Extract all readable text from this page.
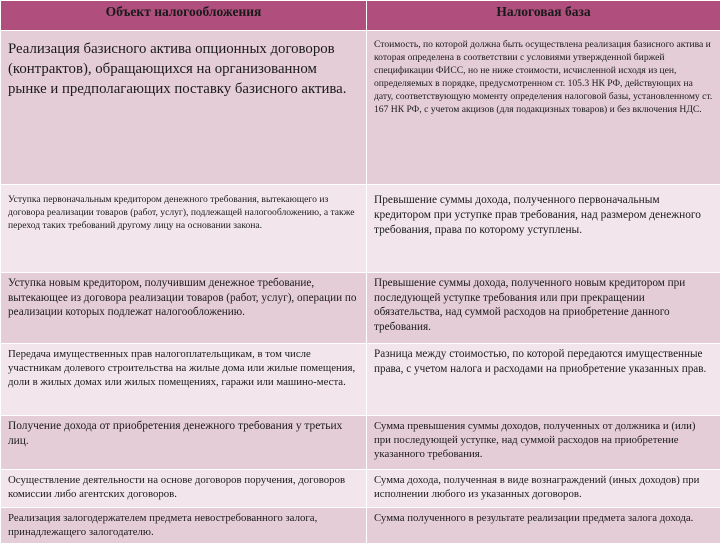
Объект налогообложения	Налоговая база
Реализация базисного актива опционных договоров (контрактов), обращающихся на организованном рынке и предполагающих поставку базисного актива.	Стоимость, по которой должна быть осуществлена реализация базисного актива и которая определена в соответствии с условиями утвержденной биржей спецификации ФИСС, но не ниже стоимости, исчисленной исходя из цен, определяемых в порядке, предусмотренном ст. 105.3 НК РФ, действующих на дату, соответствующую моменту определения налоговой базы, установленному ст. 167 НК РФ, с учетом акцизов (для подакцизных товаров) и без включения НДС.
Уступка первоначальным кредитором денежного требования, вытекающего из договора реализации товаров (работ, услуг), подлежащей налогообложению, а также переход таких требований другому лицу на основании закона.	Превышение суммы дохода, полученного первоначальным кредитором при уступке прав требования, над размером денежного требования, права по которому уступлены.
Уступка новым кредитором, получившим денежное требование, вытекающее из договора реализации товаров (работ, услуг), операции по реализации которых подлежат налогообложению.	Превышение суммы дохода, полученного новым кредитором при последующей уступке требования или при прекращении обязательства, над суммой расходов на приобретение данного требования.
Передача имущественных прав налогоплательщикам, в том числе участникам долевого строительства на жилые дома или жилые помещения, доли в жилых домах или жилых помещениях, гаражи или машино-места.	Разница между стоимостью, по которой передаются имущественные права, с учетом налога и расходами на приобретение указанных прав.
Получение дохода от приобретения денежного требования у третьих лиц.	Сумма превышения суммы доходов, полученных от должника и (или) при последующей уступке, над суммой расходов на приобретение указанного требования.
Осуществление деятельности на основе договоров поручения, договоров комиссии либо агентских договоров.	Сумма дохода, полученная в виде вознаграждений (иных доходов) при исполнении любого из указанных договоров.
Реализация залогодержателем предмета невостребованного залога, принадлежащего залогодателю.	Сумма полученного в результате реализации предмета залога дохода.
